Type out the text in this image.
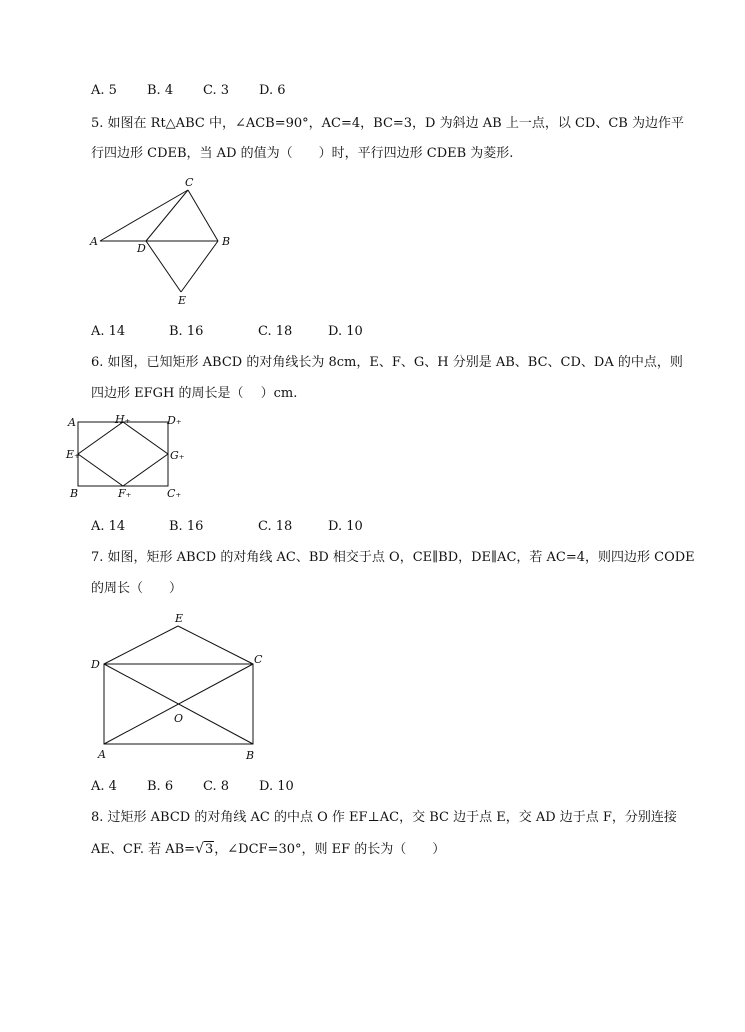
A. 5 B. 4 C. 3 D. 6
5. 如图在 Rt△ABC 中，∠ACB=90°，AC=4，BC=3，D 为斜边 AB 上一点，以 CD、CB 为边作平
行四边形 CDEB，当 AD 的值为（　　）时，平行四边形 CDEB 为菱形.
A	B
C
D
E
A. 14	B. 16	C. 18	D. 10
6. 如图，已知矩形 ABCD 的对角线长为 8cm，E、F、G、H 分别是 AB、BC、CD、DA 的中点，则
四边形 EFGH 的周长是（　 ）cm.
A
B	C₊
D₊
E₊
F₊
G₊
H₊
A. 14	B. 16	C. 18	D. 10
7. 如图，矩形 ABCD 的对角线 AC、BD 相交于点 O，CE∥BD，DE∥AC，若 AC=4，则四边形 CODE
的周长（　　）
A	B
C
D
E
O
A. 4 B. 6 C. 8 D. 10
8. 过矩形 ABCD 的对角线 AC 的中点 O 作 EF⊥AC，交 BC 边于点 E，交 AD 边于点 F，分别连接
AE、CF. 若 AB=√3，∠DCF=30°，则 EF 的长为（　　）
